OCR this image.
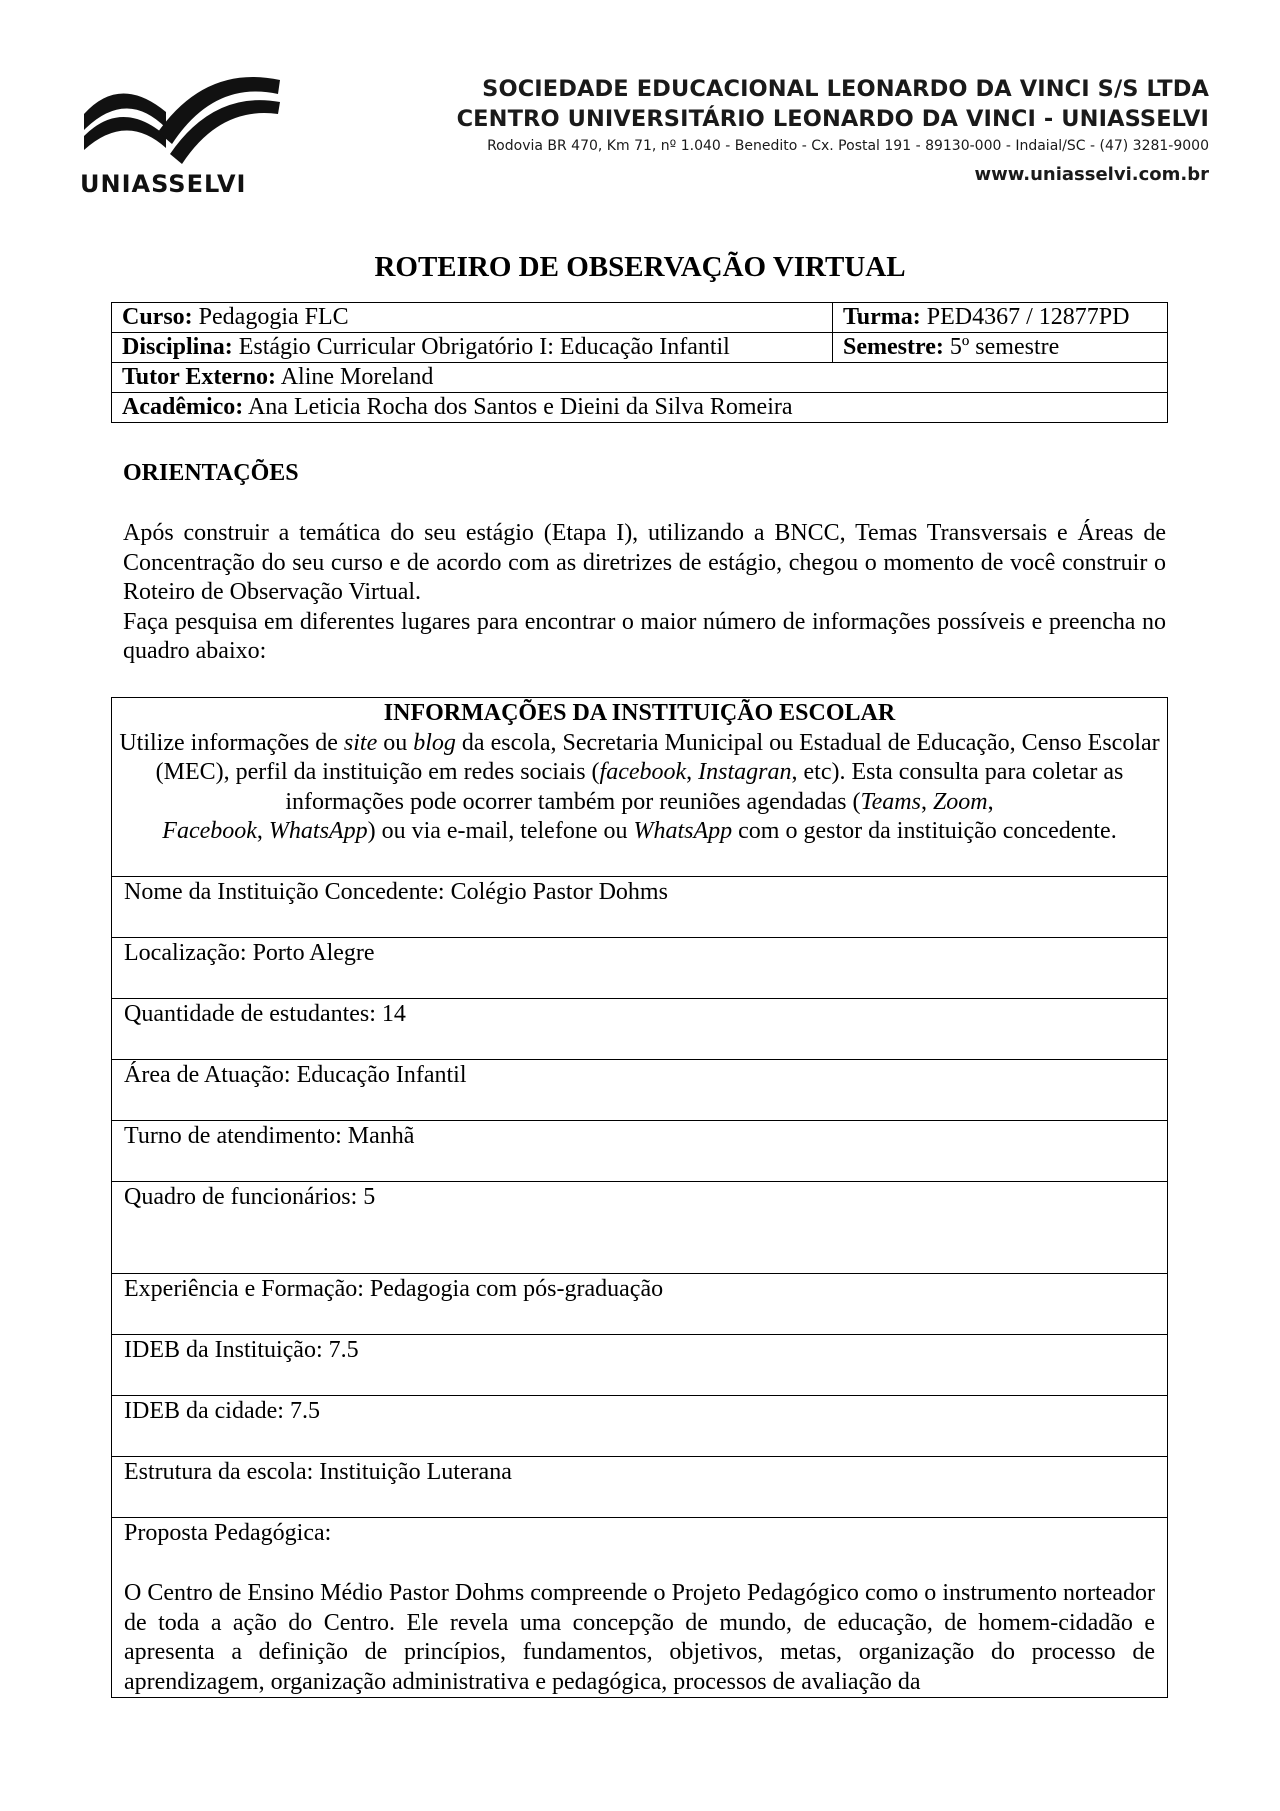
UNIASSELVI
SOCIEDADE EDUCACIONAL LEONARDO DA VINCI S/S LTDA
CENTRO UNIVERSITÁRIO LEONARDO DA VINCI - UNIASSELVI
Rodovia BR 470, Km 71, nº 1.040 - Benedito - Cx. Postal 191 - 89130-000 - Indaial/SC - (47) 3281-9000
www.uniasselvi.com.br
ROTEIRO DE OBSERVAÇÃO VIRTUAL
Curso: Pedagogia FLC	Turma: PED4367 / 12877PD
Disciplina: Estágio Curricular Obrigatório I: Educação Infantil	Semestre: 5º semestre
Tutor Externo: Aline Moreland	
Acadêmico: Ana Leticia Rocha dos Santos e Dieini da Silva Romeira	
ORIENTAÇÕES

Após construir a temática do seu estágio (Etapa I), utilizando a BNCC, Temas Transversais e Áreas de Concentração do seu curso e de acordo com as diretrizes de estágio, chegou o momento de você construir o Roteiro de Observação Virtual.

Faça pesquisa em diferentes lugares para encontrar o maior número de informações possíveis e preencha no quadro abaixo:

INFORMAÇÕES DA INSTITUIÇÃO ESCOLAR
Utilize informações de site ou blog da escola, Secretaria Municipal ou Estadual de Educação, Censo Escolar (MEC), perfil da instituição em redes sociais (facebook, Instagran, etc). Esta consulta para coletar as informações pode ocorrer também por reuniões agendadas (Teams, Zoom,
Facebook, WhatsApp) ou via e-mail, telefone ou WhatsApp com o gestor da instituição concedente.
Nome da Instituição Concedente: Colégio Pastor Dohms
Localização: Porto Alegre
Quantidade de estudantes: 14
Área de Atuação: Educação Infantil
Turno de atendimento: Manhã
Quadro de funcionários: 5
Experiência e Formação: Pedagogia com pós-graduação
IDEB da Instituição: 7.5
IDEB da cidade: 7.5
Estrutura da escola: Instituição Luterana
Proposta Pedagógica:
O Centro de Ensino Médio Pastor Dohms compreende o Projeto Pedagógico como o instrumento norteador de toda a ação do Centro. Ele revela uma concepção de mundo, de educação, de homem-cidadão e apresenta a definição de princípios, fundamentos, objetivos, metas, organização do processo de aprendizagem, organização administrativa e pedagógica, processos de avaliação da
